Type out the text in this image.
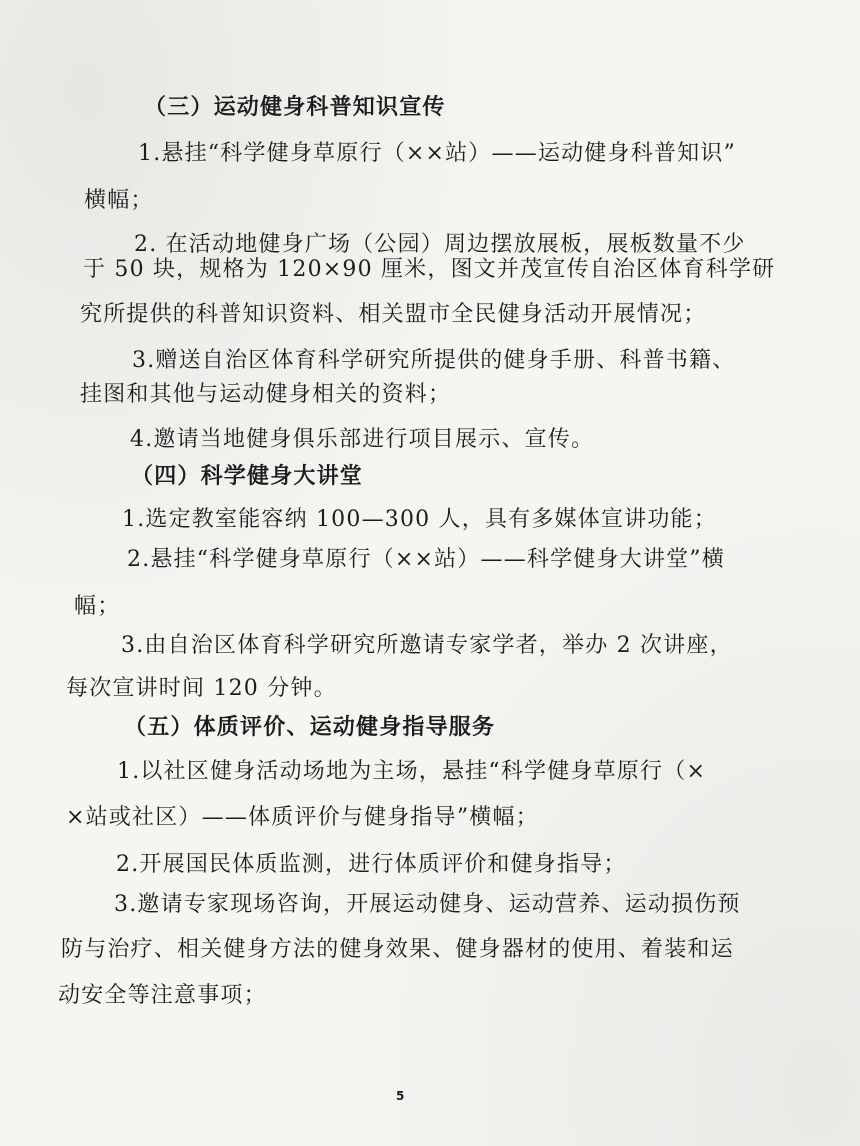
（三）运动健身科普知识宣传
1.悬挂“科学健身草原行（××站）——运动健身科普知识”
横幅；
2. 在活动地健身广场（公园）周边摆放展板，展板数量不少
于 50 块，规格为 120×90 厘米，图文并茂宣传自治区体育科学研
究所提供的科普知识资料、相关盟市全民健身活动开展情况；
3.赠送自治区体育科学研究所提供的健身手册、科普书籍、
挂图和其他与运动健身相关的资料；
4.邀请当地健身俱乐部进行项目展示、宣传。
（四）科学健身大讲堂
1.选定教室能容纳 100—300 人，具有多媒体宣讲功能；
2.悬挂“科学健身草原行（××站）——科学健身大讲堂”横
幅；
3.由自治区体育科学研究所邀请专家学者，举办 2 次讲座，
每次宣讲时间 120 分钟。
（五）体质评价、运动健身指导服务
1.以社区健身活动场地为主场，悬挂“科学健身草原行（×
×站或社区）——体质评价与健身指导”横幅；
2.开展国民体质监测，进行体质评价和健身指导；
3.邀请专家现场咨询，开展运动健身、运动营养、运动损伤预
防与治疗、相关健身方法的健身效果、健身器材的使用、着装和运
动安全等注意事项；
5
